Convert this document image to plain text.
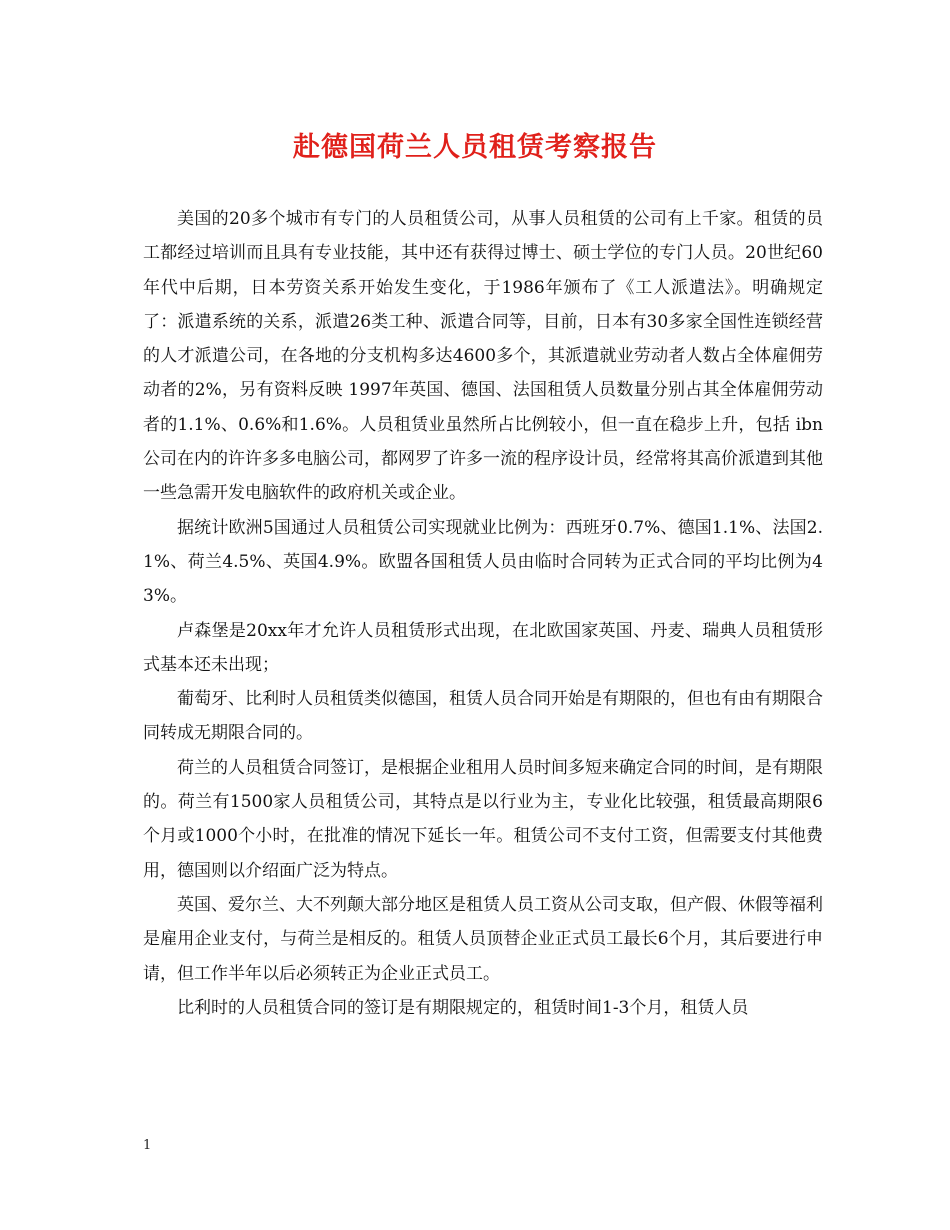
赴德国荷兰人员租赁考察报告

美国的20多个城市有专门的人员租赁公司，从事人员租赁的公司有上千家。租赁的员工都经过培训而且具有专业技能，其中还有获得过博士、硕士学位的专门人员。20世纪60年代中后期，日本劳资关系开始发生变化，于1986年颁布了《工人派遣法》。明确规定了：派遣系统的关系，派遣26类工种、派遣合同等，目前，日本有30多家全国性连锁经营的人才派遣公司，在各地的分支机构多达4600多个，其派遣就业劳动者人数占全体雇佣劳动者的2%，另有资料反映 1997年英国、德国、法国租赁人员数量分别占其全体雇佣劳动者的1.1%、0.6%和1.6%。人员租赁业虽然所占比例较小，但一直在稳步上升，包括 ibn公司在内的许许多多电脑公司，都网罗了许多一流的程序设计员，经常将其高价派遣到其他一些急需开发电脑软件的政府机关或企业。

据统计欧洲5国通过人员租赁公司实现就业比例为：西班牙0.7%、德国1.1%、法国2.1%、荷兰4.5%、英国4.9%。欧盟各国租赁人员由临时合同转为正式合同的平均比例为43%。

卢森堡是20xx年才允许人员租赁形式出现，在北欧国家英国、丹麦、瑞典人员租赁形式基本还未出现；

葡萄牙、比利时人员租赁类似德国，租赁人员合同开始是有期限的，但也有由有期限合同转成无期限合同的。

荷兰的人员租赁合同签订，是根据企业租用人员时间多短来确定合同的时间，是有期限的。荷兰有1500家人员租赁公司，其特点是以行业为主，专业化比较强，租赁最高期限6个月或1000个小时，在批准的情况下延长一年。租赁公司不支付工资，但需要支付其他费用，德国则以介绍面广泛为特点。

英国、爱尔兰、大不列颠大部分地区是租赁人员工资从公司支取，但产假、休假等福利是雇用企业支付，与荷兰是相反的。租赁人员顶替企业正式员工最长6个月，其后要进行申请，但工作半年以后必须转正为企业正式员工。

比利时的人员租赁合同的签订是有期限规定的，租赁时间1-3个月，租赁人员

1
